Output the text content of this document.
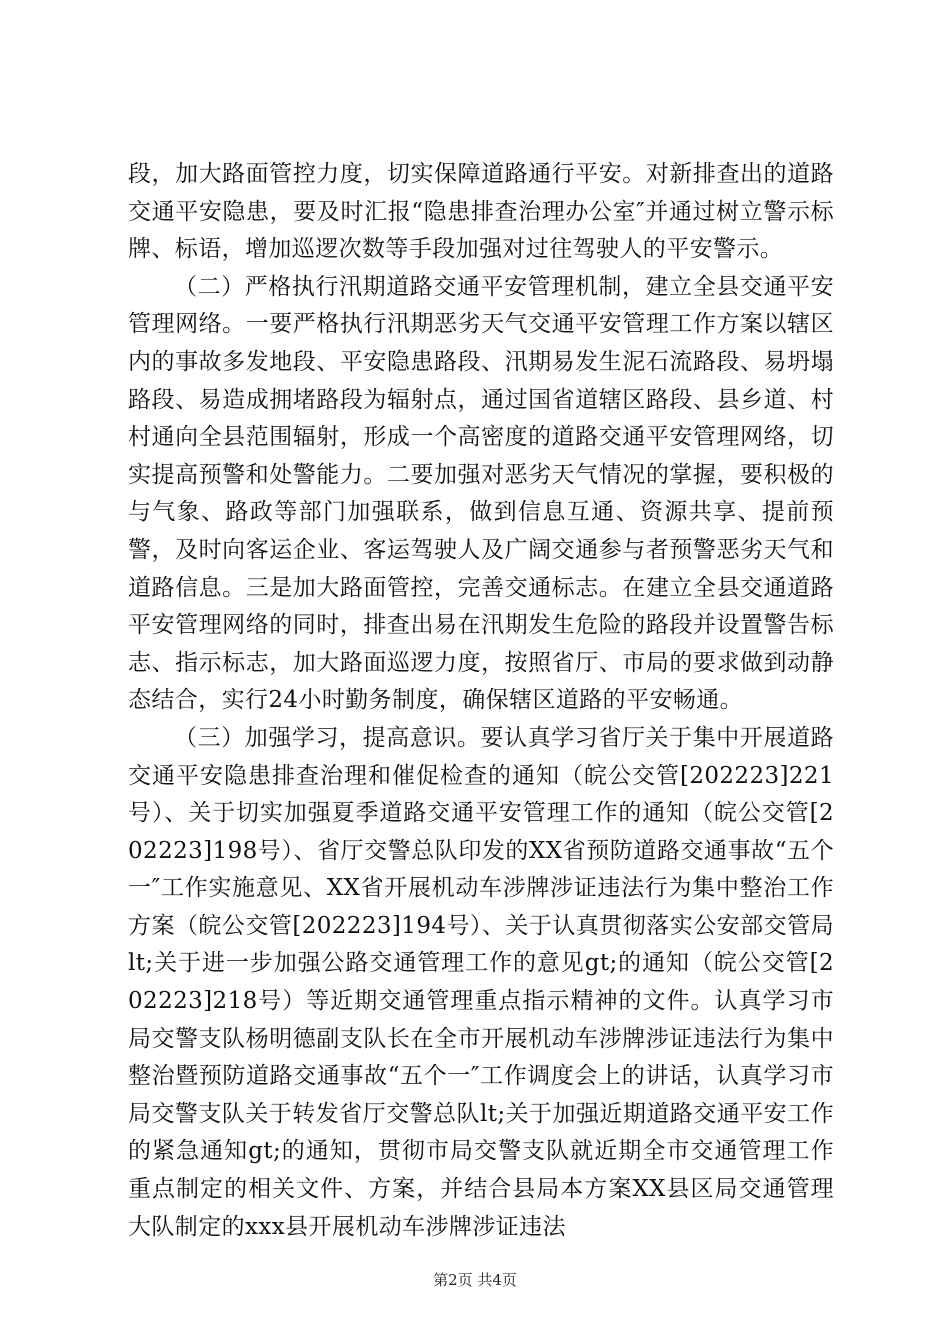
段，加大路面管控力度，切实保障道路通行平安。对新排查出的道路交通平安隐患，要及时汇报“隐患排查治理办公室″并通过树立警示标牌、标语，增加巡逻次数等手段加强对过往驾驶人的平安警示。

（二）严格执行汛期道路交通平安管理机制，建立全县交通平安管理网络。一要严格执行汛期恶劣天气交通平安管理工作方案以辖区内的事故多发地段、平安隐患路段、汛期易发生泥石流路段、易坍塌路段、易造成拥堵路段为辐射点，通过国省道辖区路段、县乡道、村村通向全县范围辐射，形成一个高密度的道路交通平安管理网络，切实提高预警和处警能力。二要加强对恶劣天气情况的掌握，要积极的与气象、路政等部门加强联系，做到信息互通、资源共享、提前预警，及时向客运企业、客运驾驶人及广阔交通参与者预警恶劣天气和道路信息。三是加大路面管控，完善交通标志。在建立全县交通道路平安管理网络的同时，排查出易在汛期发生危险的路段并设置警告标志、指示标志，加大路面巡逻力度，按照省厅、市局的要求做到动静态结合，实行24小时勤务制度，确保辖区道路的平安畅通。

（三）加强学习，提高意识。要认真学习省厅关于集中开展道路交通平安隐患排查治理和催促检查的通知（皖公交管[202223]221号）、关于切实加强夏季道路交通平安管理工作的通知（皖公交管[202223]198号）、省厅交警总队印发的XX省预防道路交通事故“五个一″工作实施意见、XX省开展机动车涉牌涉证违法行为集中整治工作方案（皖公交管[202223]194号）、关于认真贯彻落实公安部交管局lt;关于进一步加强公路交通管理工作的意见gt;的通知（皖公交管[202223]218号）等近期交通管理重点指示精神的文件。认真学习市局交警支队杨明德副支队长在全市开展机动车涉牌涉证违法行为集中整治暨预防道路交通事故“五个一″工作调度会上的讲话，认真学习市局交警支队关于转发省厅交警总队lt;关于加强近期道路交通平安工作的紧急通知gt;的通知，贯彻市局交警支队就近期全市交通管理工作重点制定的相关文件、方案，并结合县局本方案XX县区局交通管理大队制定的xxx县开展机动车涉牌涉证违法

第2页 共4页
